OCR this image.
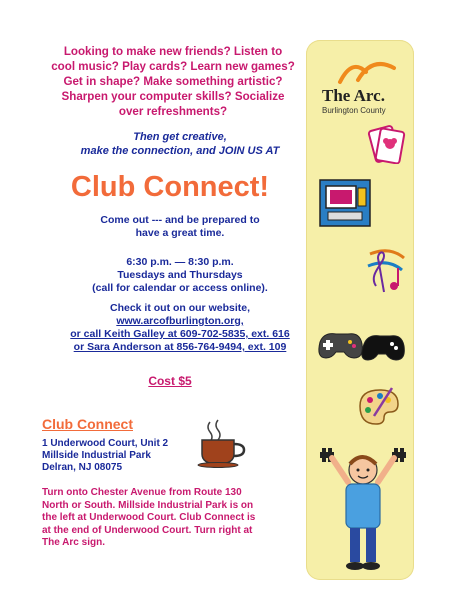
Looking to make new friends? Listen to
cool music? Play cards? Learn new games?
Get in shape? Make something artistic?
Sharpen your computer skills? Socialize
over refreshments?
Then get creative,
make the connection, and JOIN US AT
Club Connect!
Come out --- and be prepared to
have a great time.
6:30 p.m. — 8:30 p.m.
Tuesdays and Thursdays
(call for calendar or access online).
Check it out on our website,
www.arcofburlington.org,
or call Keith Galley at 609-702-5835, ext. 616
or Sara Anderson at 856-764-9494, ext. 109
Cost $5
Club Connect
1 Underwood Court, Unit 2
Millside Industrial Park
Delran, NJ 08075
Turn onto Chester Avenue from Route 130
North or South. Millside Industrial Park is on
the left at Underwood Court. Club Connect is
at the end of Underwood Court. Turn right at
The Arc sign.
The Arc.
Burlington County
